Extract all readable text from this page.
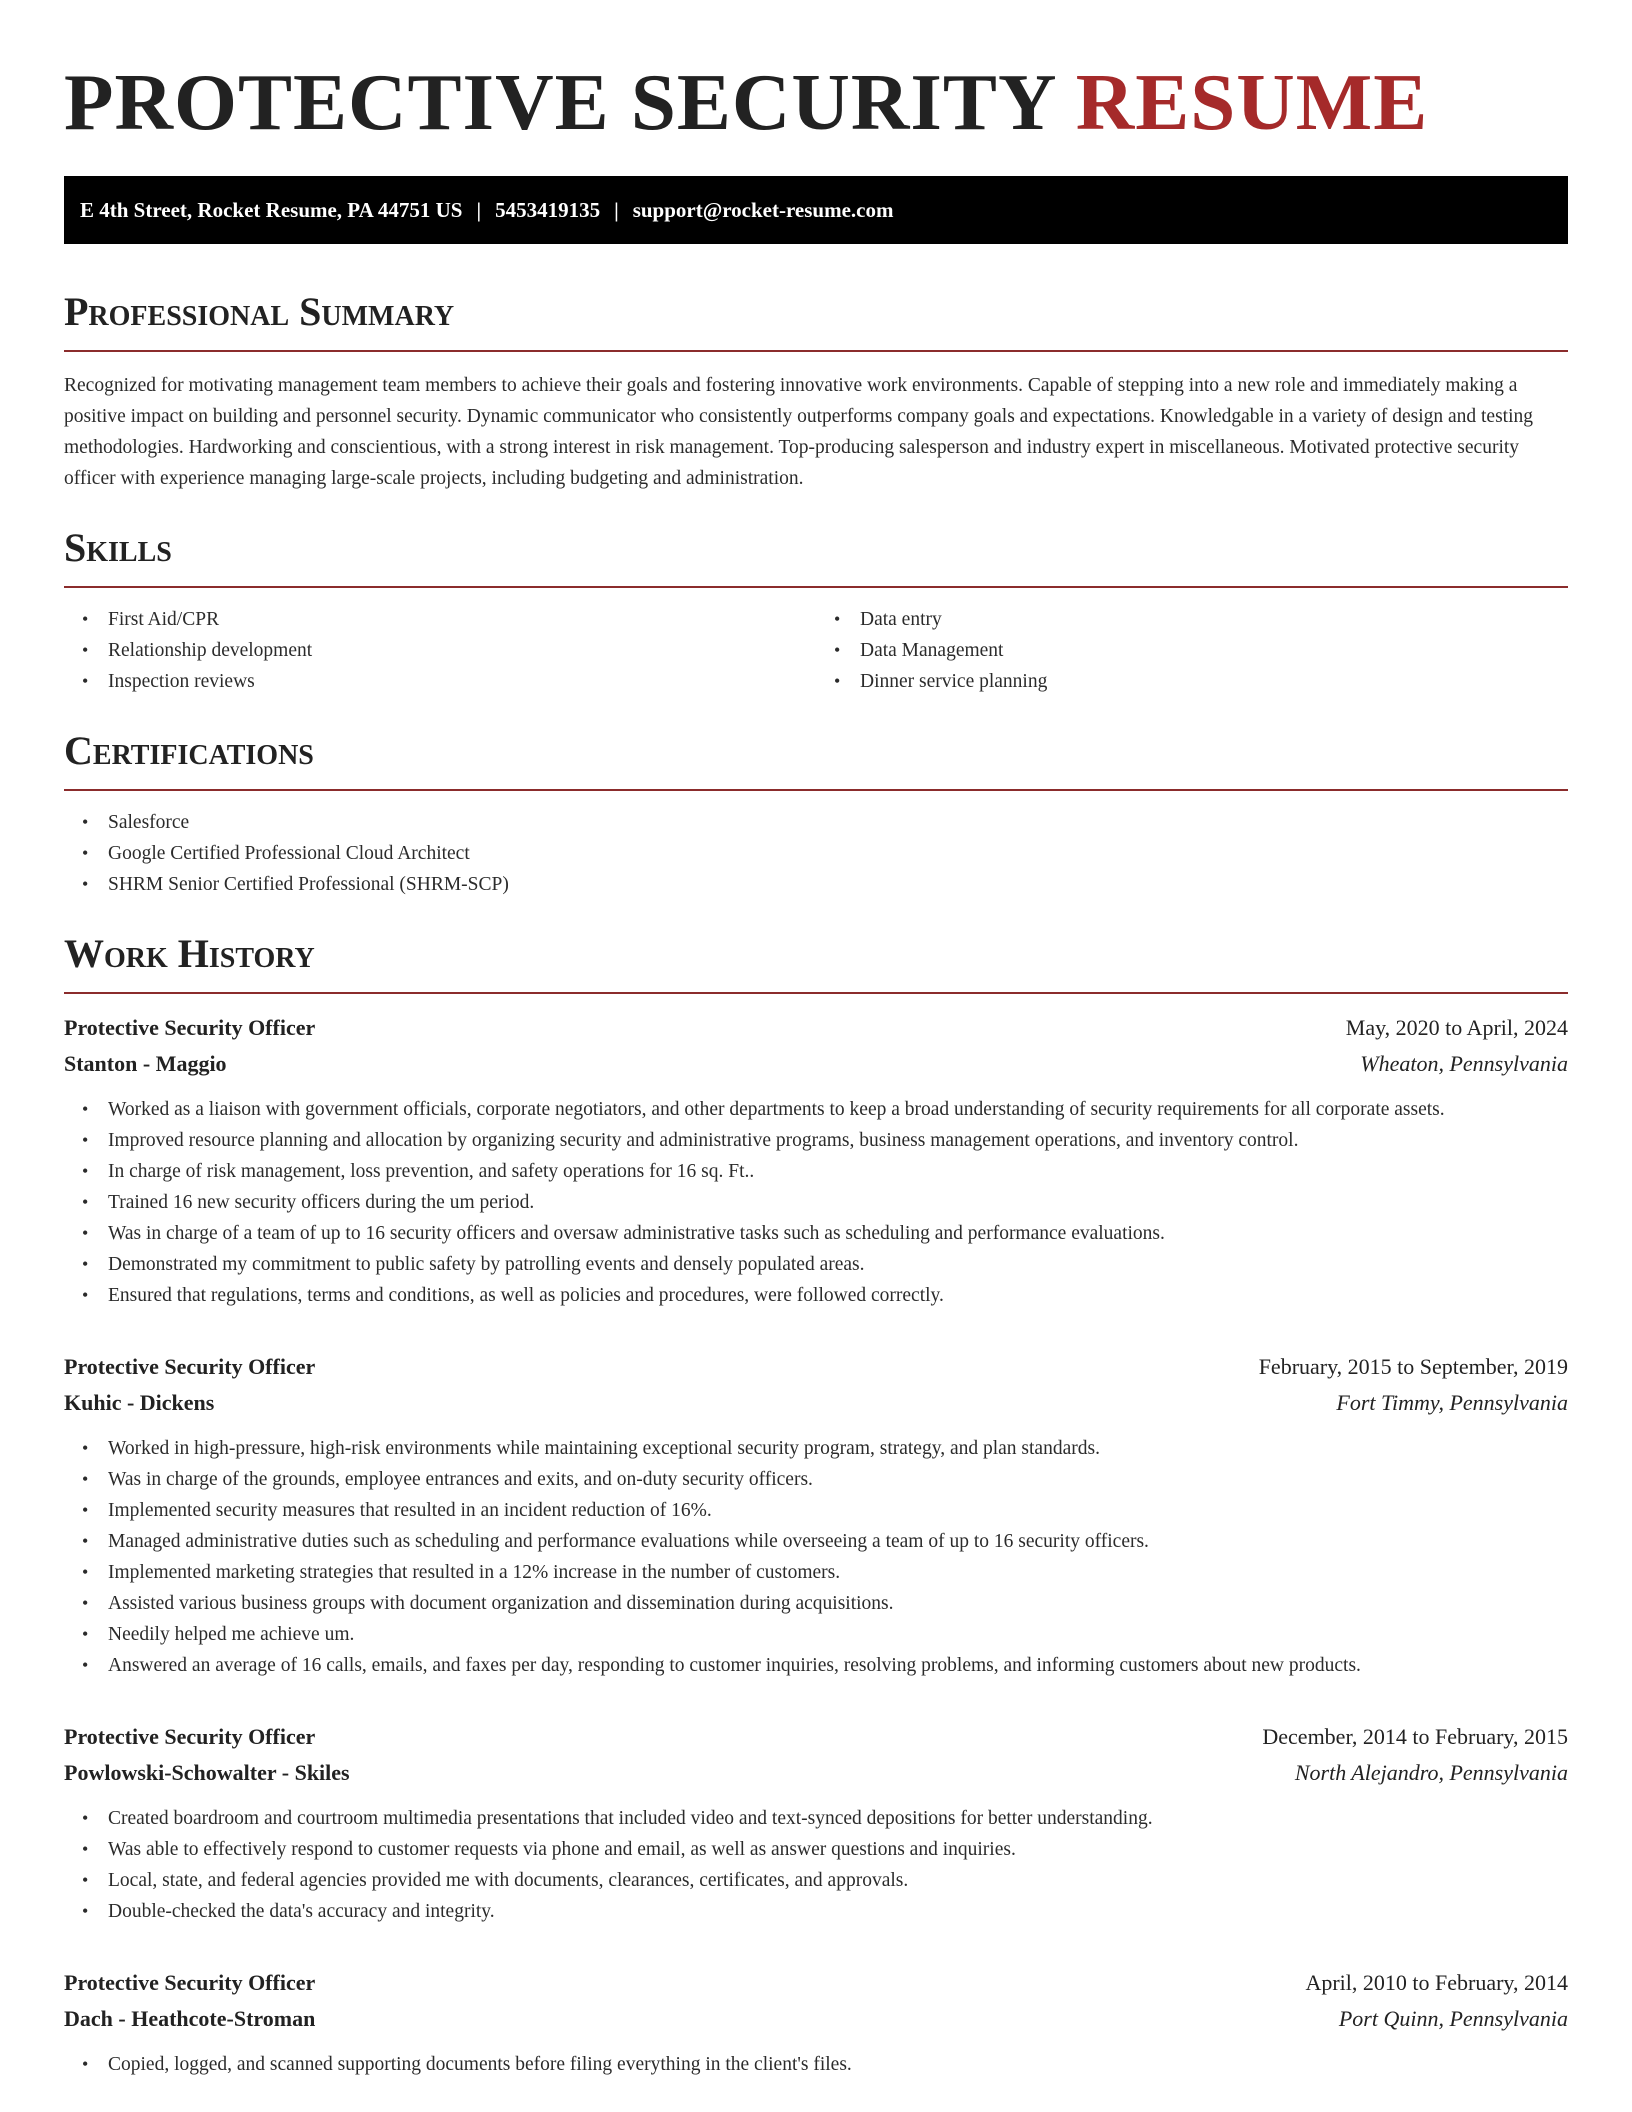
PROTECTIVE SECURITY RESUME
E 4th Street, Rocket Resume, PA 44751 US | 5453419135 | support@rocket-resume.com
Professional Summary

Recognized for motivating management team members to achieve their goals and fostering innovative work environments. Capable of stepping into a new role and immediately making a positive impact on building and personnel security. Dynamic communicator who consistently outperforms company goals and expectations. Knowledgable in a variety of design and testing methodologies. Hardworking and conscientious, with a strong interest in risk management. Top-producing salesperson and industry expert in miscellaneous. Motivated protective security officer with experience managing large-scale projects, including budgeting and administration.

Skills
• First Aid/CPR
• Relationship development
• Inspection reviews
• Data entry
• Data Management
• Dinner service planning
Certifications
• Salesforce
• Google Certified Professional Cloud Architect
• SHRM Senior Certified Professional (SHRM-SCP)
Work History
Protective Security Officer	May, 2020 to April, 2024
Stanton - Maggio	Wheaton, Pennsylvania
• Worked as a liaison with government officials, corporate negotiators, and other departments to keep a broad understanding of security requirements for all corporate assets.
• Improved resource planning and allocation by organizing security and administrative programs, business management operations, and inventory control.
• In charge of risk management, loss prevention, and safety operations for 16 sq. Ft..
• Trained 16 new security officers during the um period.
• Was in charge of a team of up to 16 security officers and oversaw administrative tasks such as scheduling and performance evaluations.
• Demonstrated my commitment to public safety by patrolling events and densely populated areas.
• Ensured that regulations, terms and conditions, as well as policies and procedures, were followed correctly.
Protective Security Officer	February, 2015 to September, 2019
Kuhic - Dickens	Fort Timmy, Pennsylvania
• Worked in high-pressure, high-risk environments while maintaining exceptional security program, strategy, and plan standards.
• Was in charge of the grounds, employee entrances and exits, and on-duty security officers.
• Implemented security measures that resulted in an incident reduction of 16%.
• Managed administrative duties such as scheduling and performance evaluations while overseeing a team of up to 16 security officers.
• Implemented marketing strategies that resulted in a 12% increase in the number of customers.
• Assisted various business groups with document organization and dissemination during acquisitions.
• Needily helped me achieve um.
• Answered an average of 16 calls, emails, and faxes per day, responding to customer inquiries, resolving problems, and informing customers about new products.
Protective Security Officer	December, 2014 to February, 2015
Powlowski-Schowalter - Skiles	North Alejandro, Pennsylvania
• Created boardroom and courtroom multimedia presentations that included video and text-synced depositions for better understanding.
• Was able to effectively respond to customer requests via phone and email, as well as answer questions and inquiries.
• Local, state, and federal agencies provided me with documents, clearances, certificates, and approvals.
• Double-checked the data's accuracy and integrity.
Protective Security Officer	April, 2010 to February, 2014
Dach - Heathcote-Stroman	Port Quinn, Pennsylvania
• Copied, logged, and scanned supporting documents before filing everything in the client's files.
